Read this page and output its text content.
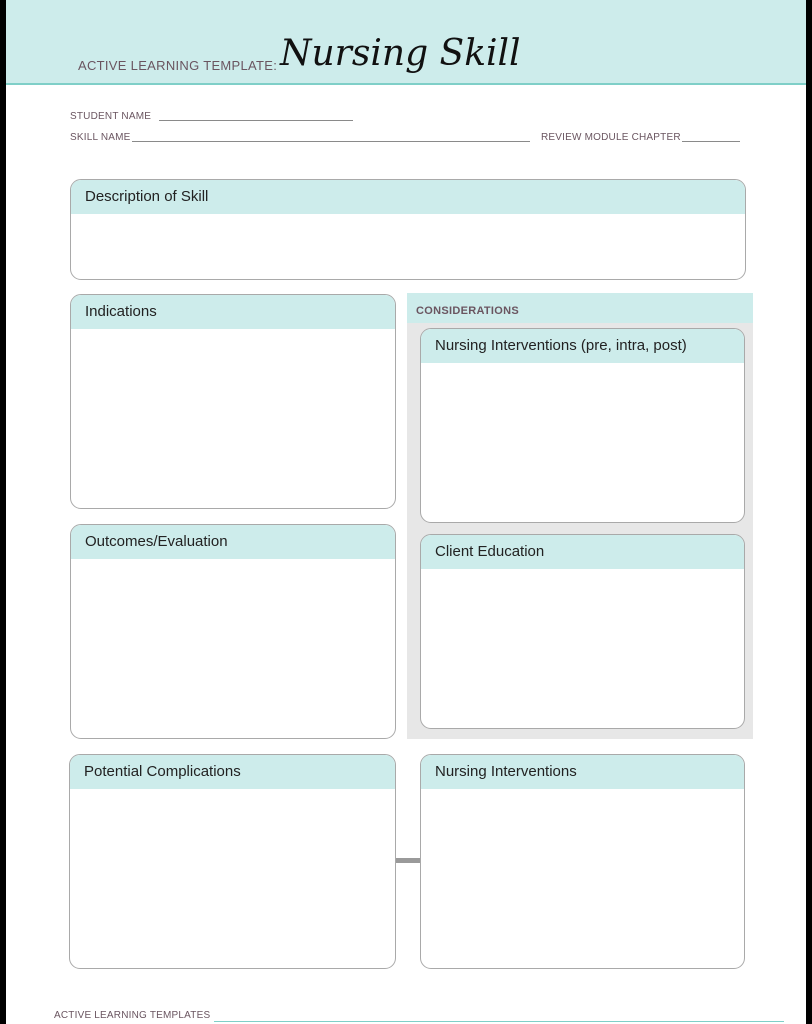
ACTIVE LEARNING TEMPLATE: Nursing Skill
STUDENT NAME
SKILL NAME	REVIEW MODULE CHAPTER
Description of Skill
Indications
Outcomes/Evaluation
CONSIDERATIONS
Nursing Interventions (pre, intra, post)
Client Education
Potential Complications	Nursing Interventions
ACTIVE LEARNING TEMPLATES
